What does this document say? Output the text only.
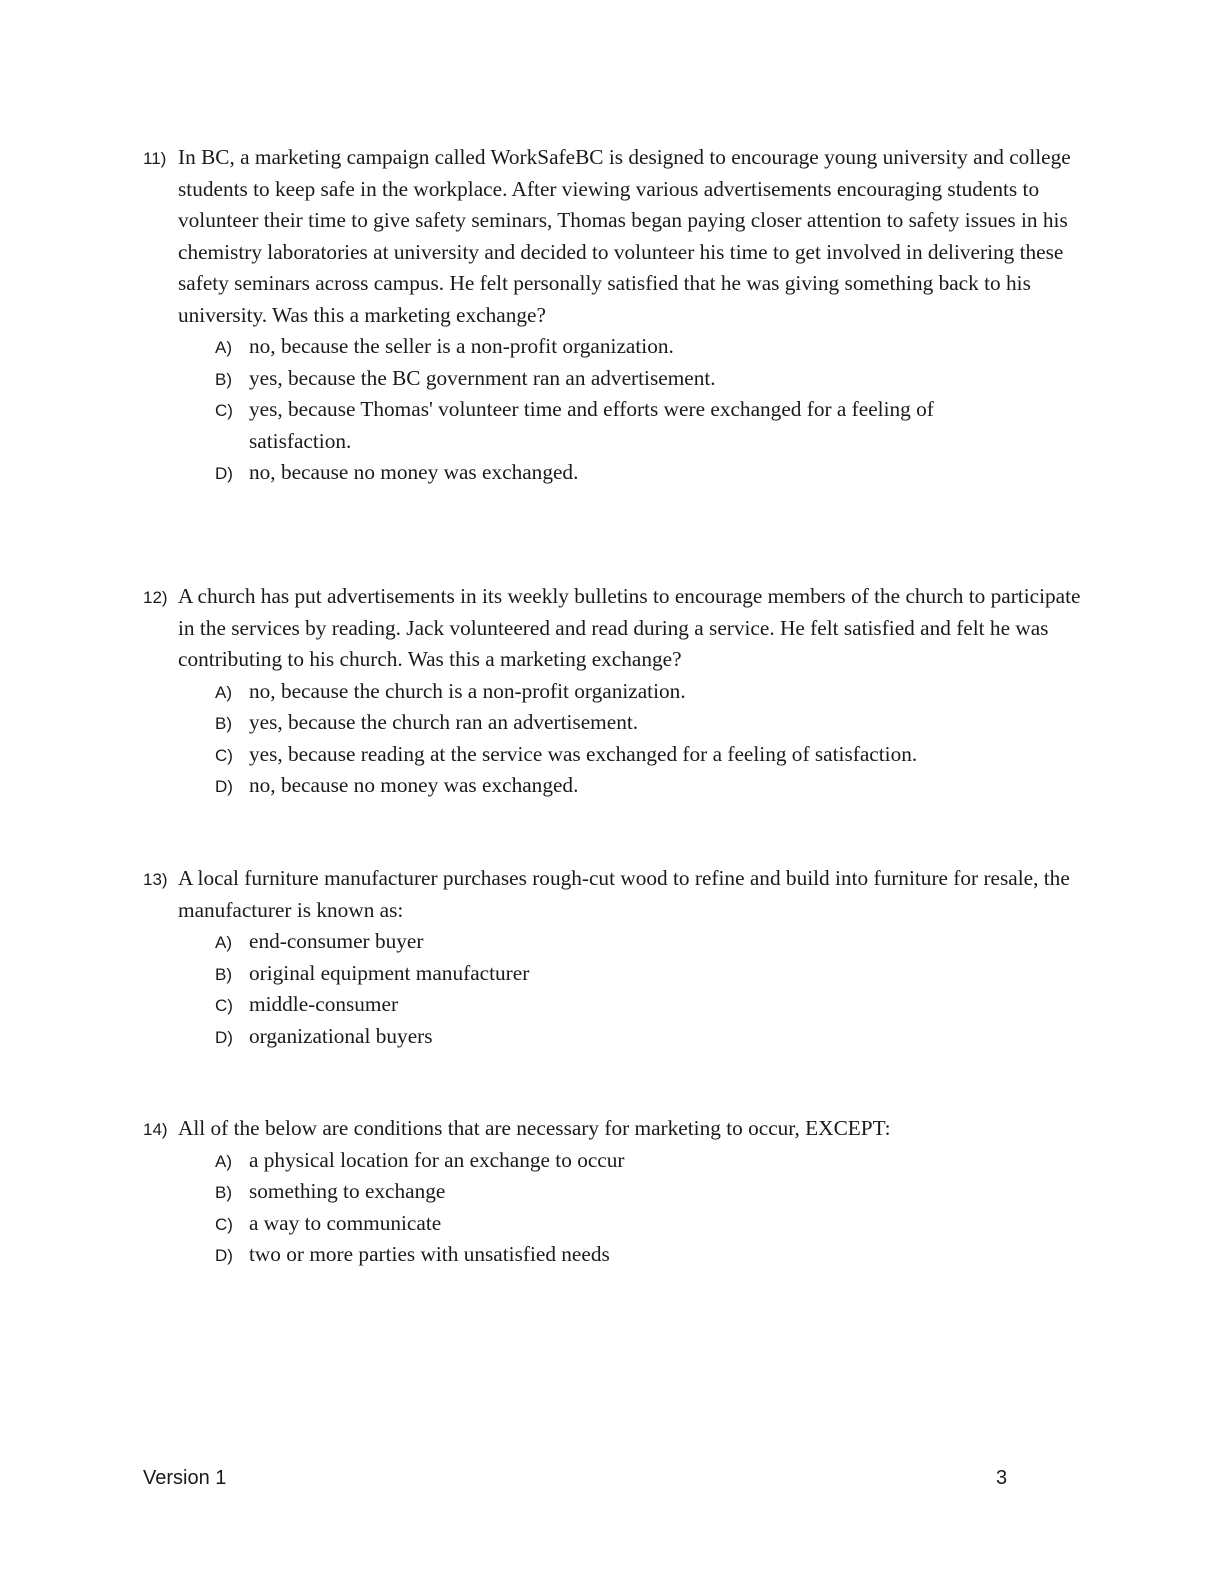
11) In BC, a marketing campaign called WorkSafeBC is designed to encourage young university and college students to keep safe in the workplace. After viewing various advertisements encouraging students to volunteer their time to give safety seminars, Thomas began paying closer attention to safety issues in his chemistry laboratories at university and decided to volunteer his time to get involved in delivering these safety seminars across campus. He felt personally satisfied that he was giving something back to his university. Was this a marketing exchange?
A) no, because the seller is a non-profit organization.
B) yes, because the BC government ran an advertisement.
C) yes, because Thomas' volunteer time and efforts were exchanged for a feeling of satisfaction.
D) no, because no money was exchanged.
12) A church has put advertisements in its weekly bulletins to encourage members of the church to participate in the services by reading. Jack volunteered and read during a service. He felt satisfied and felt he was contributing to his church. Was this a marketing exchange?
A) no, because the church is a non-profit organization.
B) yes, because the church ran an advertisement.
C) yes, because reading at the service was exchanged for a feeling of satisfaction.
D) no, because no money was exchanged.
13) A local furniture manufacturer purchases rough-cut wood to refine and build into furniture for resale, the manufacturer is known as:
A) end-consumer buyer
B) original equipment manufacturer
C) middle-consumer
D) organizational buyers
14) All of the below are conditions that are necessary for marketing to occur, EXCEPT:
A) a physical location for an exchange to occur
B) something to exchange
C) a way to communicate
D) two or more parties with unsatisfied needs
Version 1	3
